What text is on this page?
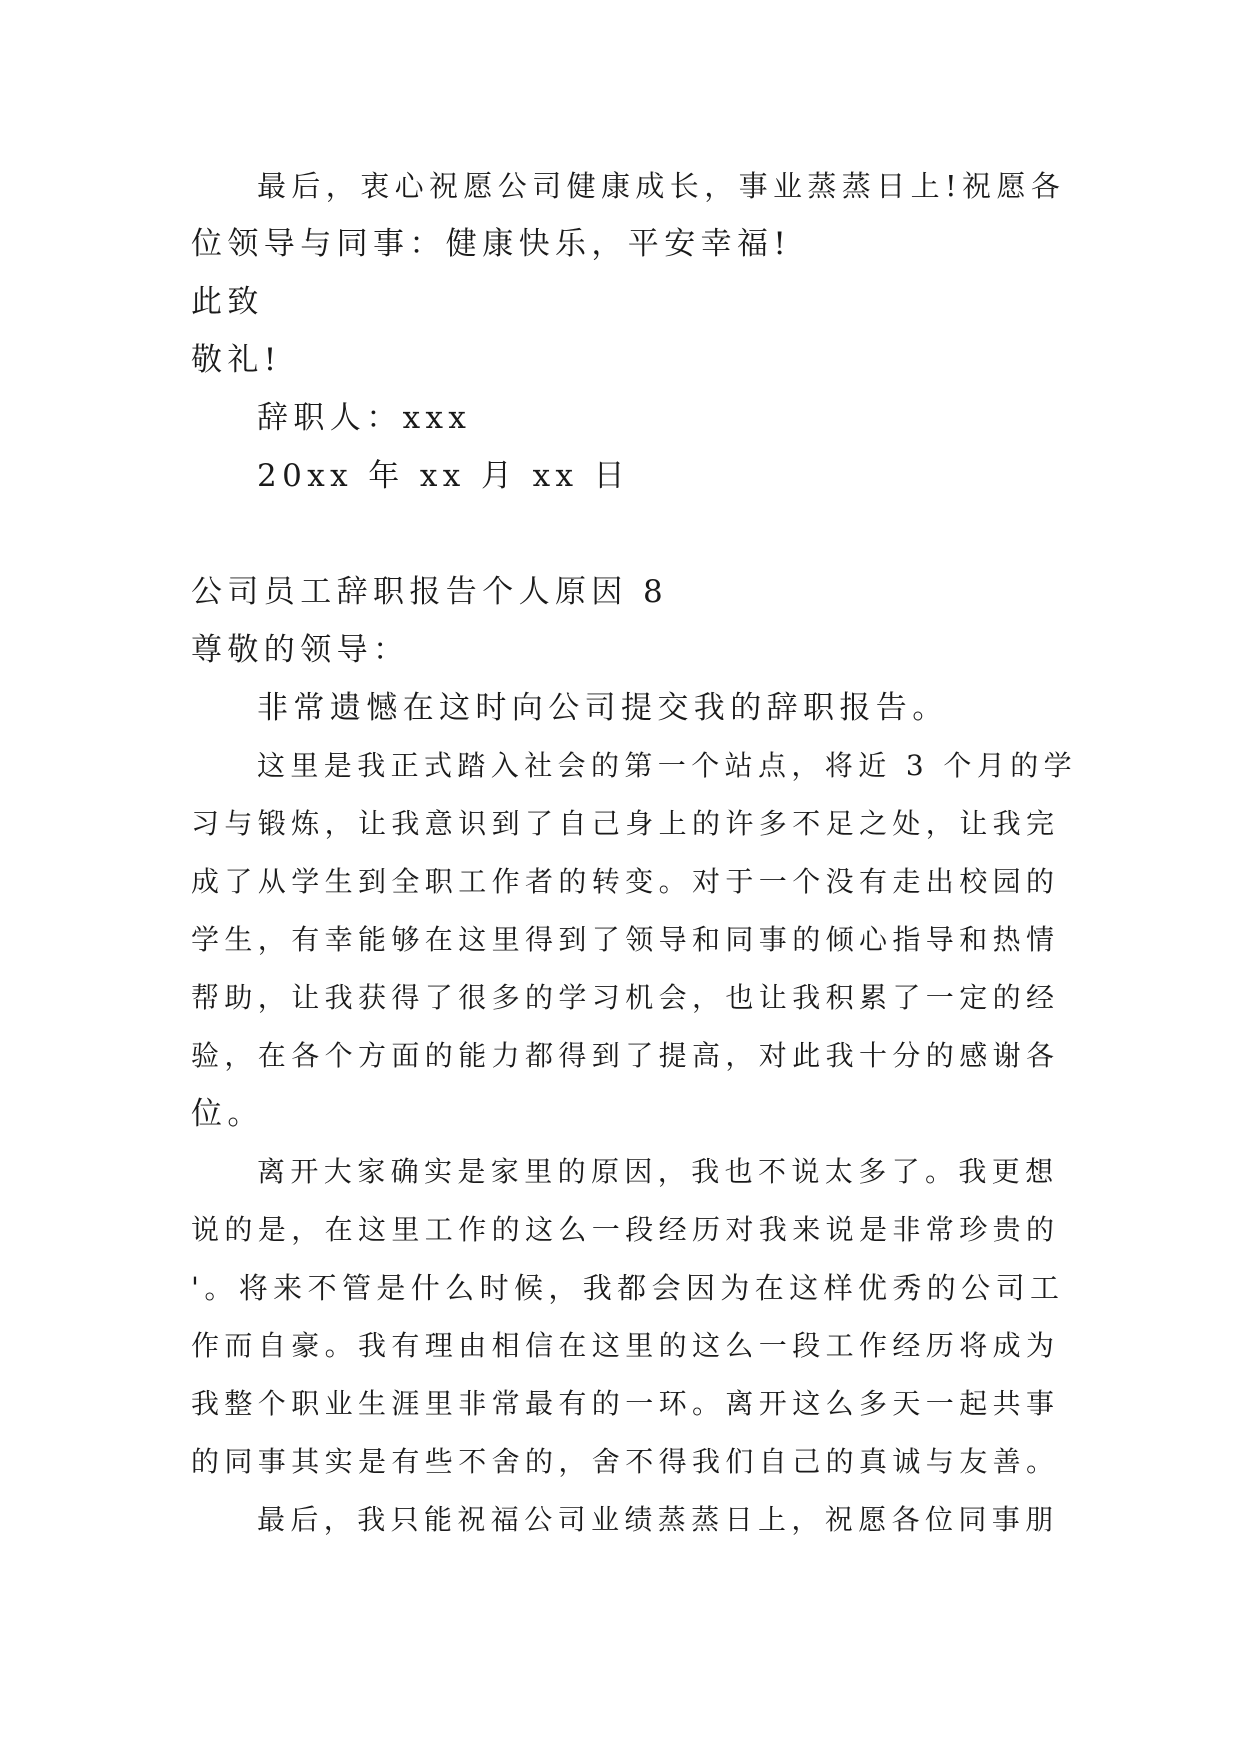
最后，衷心祝愿公司健康成长，事业蒸蒸日上!祝愿各
位领导与同事：健康快乐，平安幸福!
此致
敬礼!
辞职人：xxx
20xx 年 xx 月 xx 日
公司员工辞职报告个人原因 8
尊敬的领导：
非常遗憾在这时向公司提交我的辞职报告。
这里是我正式踏入社会的第一个站点，将近 3 个月的学
习与锻炼，让我意识到了自己身上的许多不足之处，让我完
成了从学生到全职工作者的转变。对于一个没有走出校园的
学生，有幸能够在这里得到了领导和同事的倾心指导和热情
帮助，让我获得了很多的学习机会，也让我积累了一定的经
验，在各个方面的能力都得到了提高，对此我十分的感谢各
位。
离开大家确实是家里的原因，我也不说太多了。我更想
说的是，在这里工作的这么一段经历对我来说是非常珍贵的
'。将来不管是什么时候，我都会因为在这样优秀的公司工
作而自豪。我有理由相信在这里的这么一段工作经历将成为
我整个职业生涯里非常最有的一环。离开这么多天一起共事
的同事其实是有些不舍的，舍不得我们自己的真诚与友善。
最后，我只能祝福公司业绩蒸蒸日上，祝愿各位同事朋
